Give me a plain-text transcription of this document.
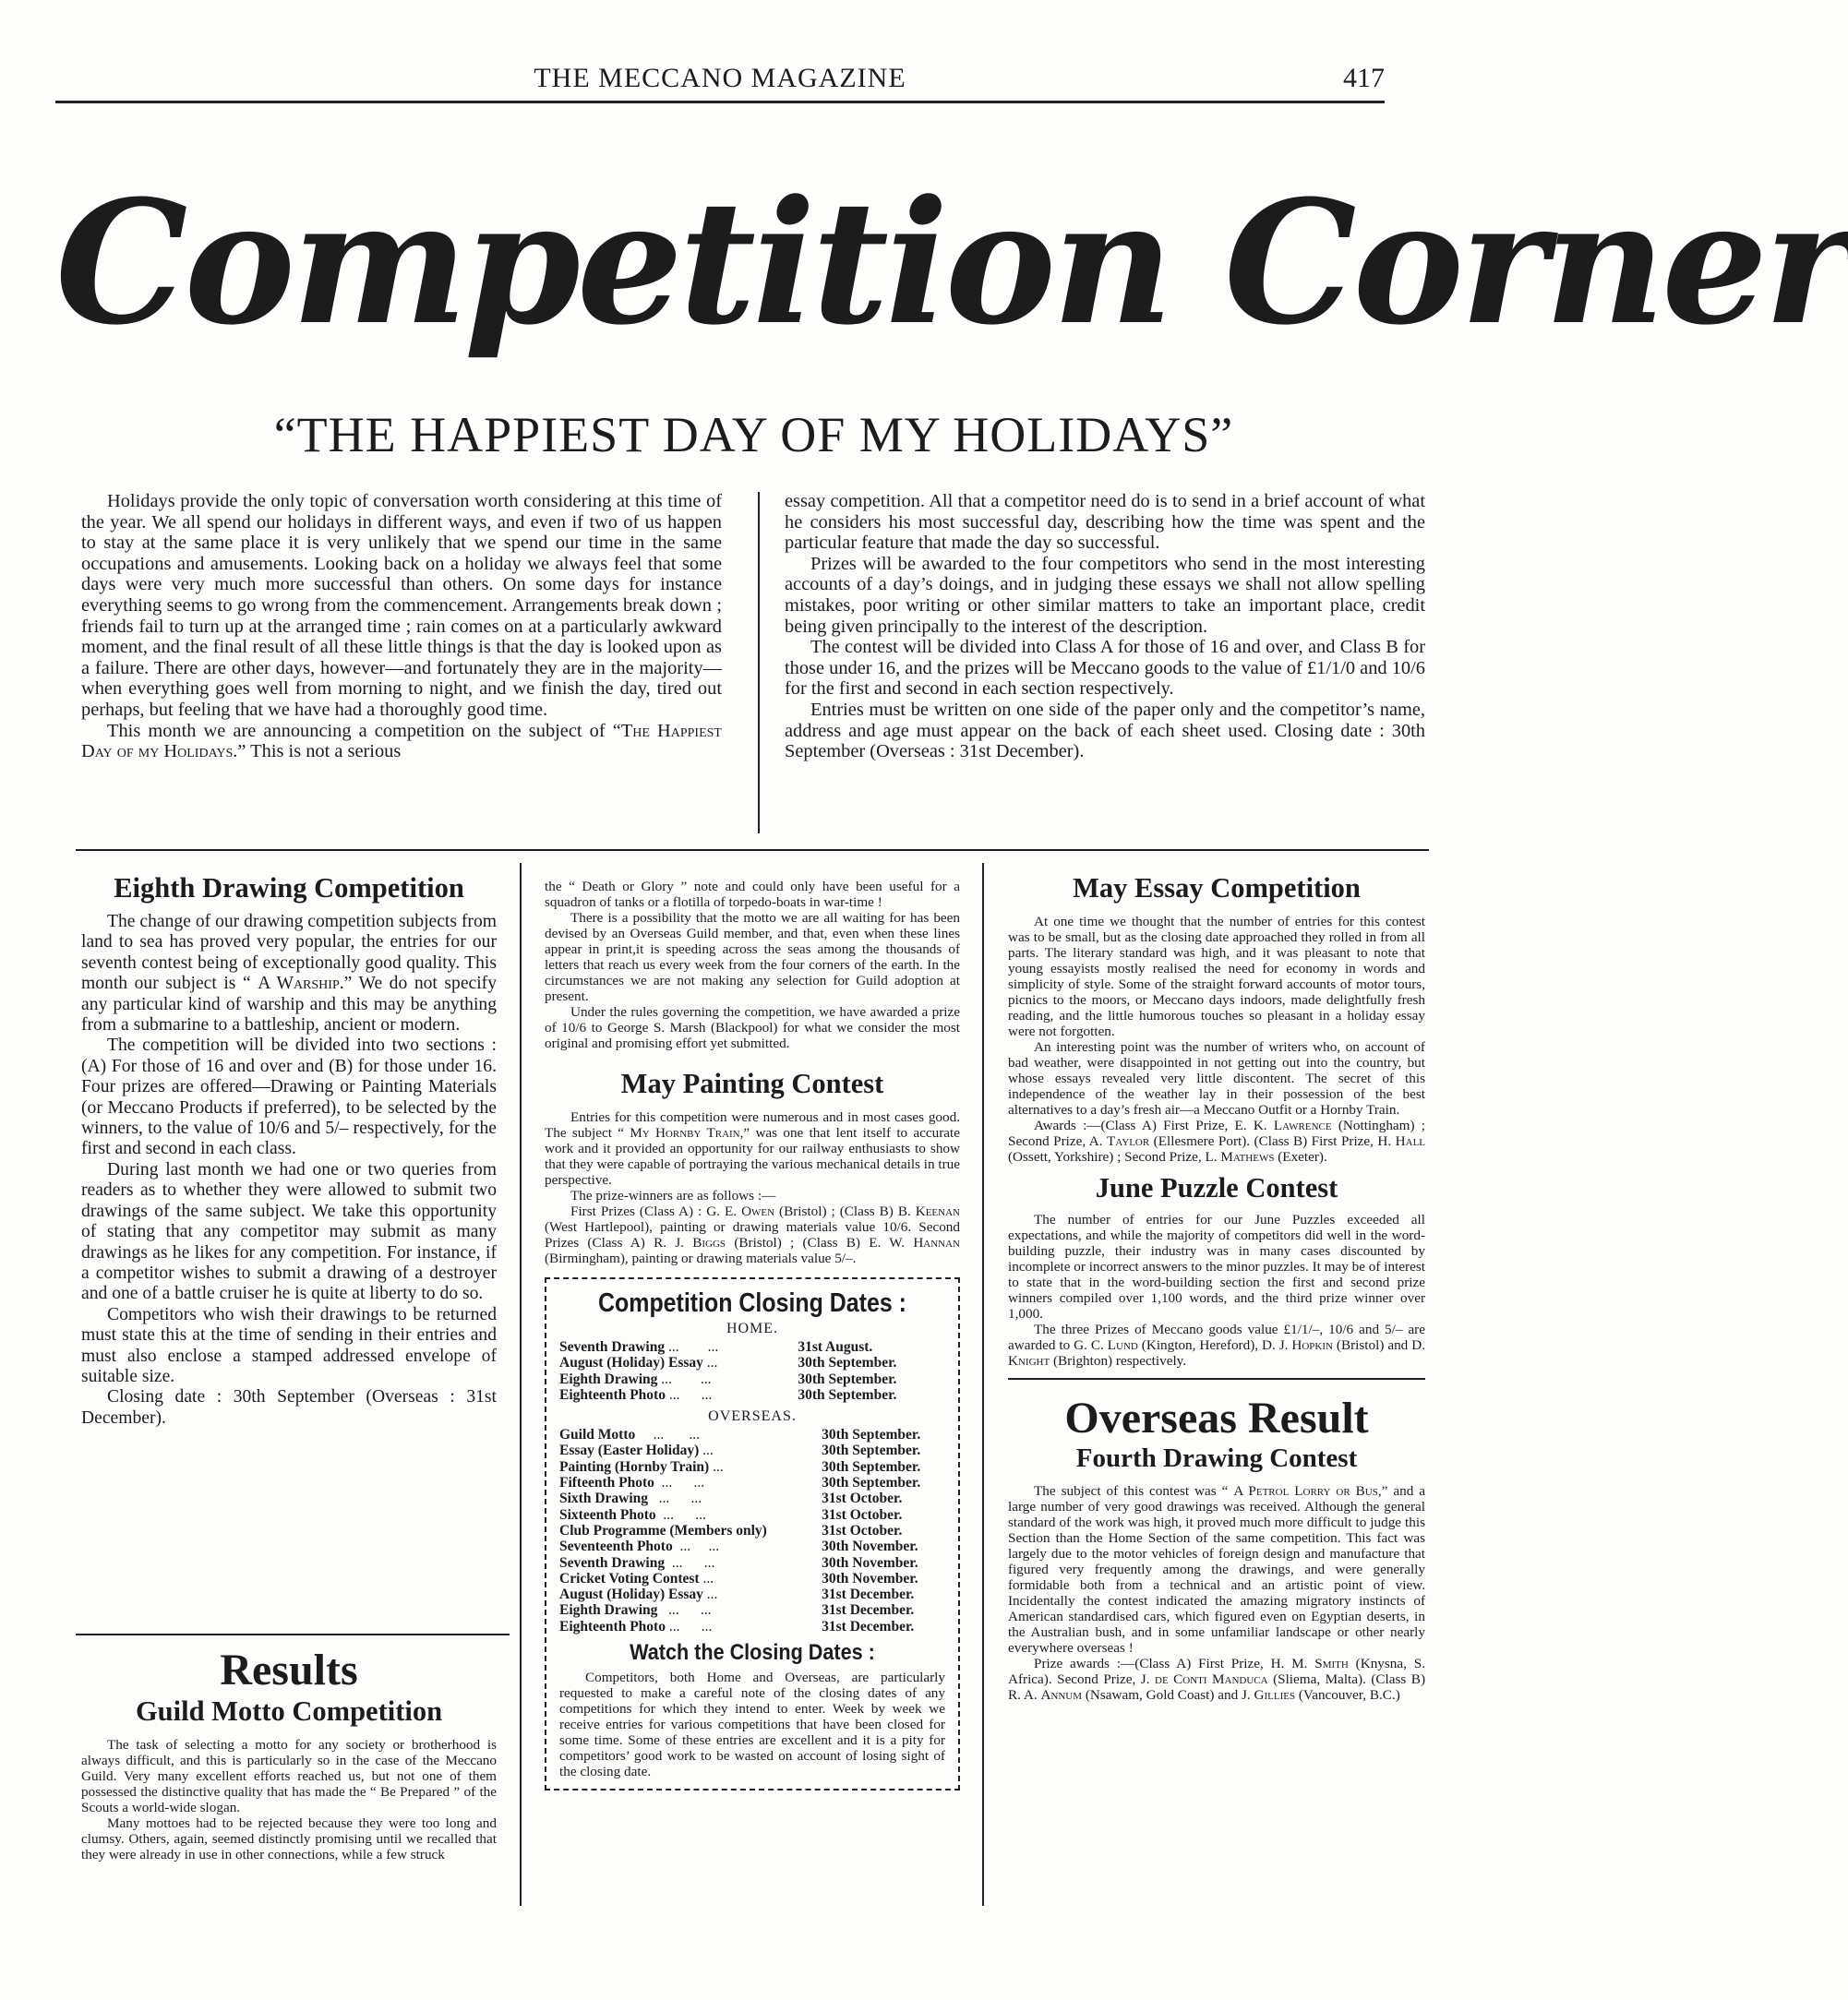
THE MECCANO MAGAZINE	417
Competition Corner
“THE HAPPIEST DAY OF MY HOLIDAYS”

Holidays provide the only topic of conversation worth considering at this time of the year. We all spend our holidays in different ways, and even if two of us happen to stay at the same place it is very unlikely that we spend our time in the same occupations and amusements. Looking back on a holiday we always feel that some days were very much more successful than others. On some days for instance everything seems to go wrong from the commencement. Arrangements break down ; friends fail to turn up at the arranged time ; rain comes on at a particularly awkward moment, and the final result of all these little things is that the day is looked upon as a failure. There are other days, however—and fortunately they are in the majority—when everything goes well from morning to night, and we finish the day, tired out perhaps, but feeling that we have had a thoroughly good time.

This month we are announcing a competition on the subject of “The Happiest Day of my Holidays.” This is not a serious

essay competition. All that a competitor need do is to send in a brief account of what he considers his most successful day, describing how the time was spent and the particular feature that made the day so successful.

Prizes will be awarded to the four competitors who send in the most interesting accounts of a day’s doings, and in judging these essays we shall not allow spelling mistakes, poor writing or other similar matters to take an important place, credit being given principally to the interest of the description.

The contest will be divided into Class A for those of 16 and over, and Class B for those under 16, and the prizes will be Meccano goods to the value of £1/1/0 and 10/6 for the first and second in each section respectively.

Entries must be written on one side of the paper only and the competitor’s name, address and age must appear on the back of each sheet used. Closing date : 30th September (Overseas : 31st December).

Eighth Drawing Competition

The change of our drawing competition subjects from land to sea has proved very popular, the entries for our seventh contest being of exceptionally good quality. This month our subject is “ A Warship.” We do not specify any particular kind of warship and this may be anything from a submarine to a battleship, ancient or modern.

The competition will be divided into two sections : (A) For those of 16 and over and (B) for those under 16. Four prizes are offered—Drawing or Painting Materials (or Meccano Products if preferred), to be selected by the winners, to the value of 10/6 and 5/– respectively, for the first and second in each class.

During last month we had one or two queries from readers as to whether they were allowed to submit two drawings of the same subject. We take this opportunity of stating that any competitor may submit as many drawings as he likes for any competition. For instance, if a competitor wishes to submit a drawing of a destroyer and one of a battle cruiser he is quite at liberty to do so.

Competitors who wish their drawings to be returned must state this at the time of sending in their entries and must also enclose a stamped addressed envelope of suitable size.

Closing date : 30th September (Overseas : 31st December).

Results
Guild Motto Competition

The task of selecting a motto for any society or brotherhood is always difficult, and this is particularly so in the case of the Meccano Guild. Very many excellent efforts reached us, but not one of them possessed the distinctive quality that has made the “ Be Prepared ” of the Scouts a world-wide slogan.

Many mottoes had to be rejected because they were too long and clumsy. Others, again, seemed distinctly promising until we recalled that they were already in use in other connections, while a few struck

the “ Death or Glory ” note and could only have been useful for a squadron of tanks or a flotilla of torpedo-boats in war-time !

There is a possibility that the motto we are all waiting for has been devised by an Overseas Guild member, and that, even when these lines appear in print,it is speeding across the seas among the thousands of letters that reach us every week from the four corners of the earth. In the circumstances we are not making any selection for Guild adoption at present.

Under the rules governing the competition, we have awarded a prize of 10/6 to George S. Marsh (Blackpool) for what we consider the most original and promising effort yet submitted.

May Painting Contest

Entries for this competition were numerous and in most cases good. The subject “ My Hornby Train,” was one that lent itself to accurate work and it provided an opportunity for our railway enthusiasts to show that they were capable of portraying the various mechanical details in true perspective.

The prize-winners are as follows :—

First Prizes (Class A) : G. E. Owen (Bristol) ; (Class B) B. Keenan (West Hartlepool), painting or drawing materials value 10/6. Second Prizes (Class A) R. J. Biggs (Bristol) ; (Class B) E. W. Hannan (Birmingham), painting or drawing materials value 5/–.

Competition Closing Dates :
HOME.
Seventh Drawing ...        ...	31st August.
August (Holiday) Essay ...	30th September.
Eighth Drawing ...        ...	30th September.
Eighteenth Photo ...      ...	30th September.
OVERSEAS.
Guild Motto     ...       ...	30th September.
Essay (Easter Holiday) ...	30th September.
Painting (Hornby Train) ...	30th September.
Fifteenth Photo  ...      ...	30th September.
Sixth Drawing   ...      ...	31st October.
Sixteenth Photo  ...      ...	31st October.
Club Programme (Members only)	31st October.
Seventeenth Photo  ...     ...	30th November.
Seventh Drawing  ...      ...	30th November.
Cricket Voting Contest ...	30th November.
August (Holiday) Essay ...	31st December.
Eighth Drawing   ...      ...	31st December.
Eighteenth Photo ...      ...	31st December.
Watch the Closing Dates :

Competitors, both Home and Overseas, are particularly requested to make a careful note of the closing dates of any competitions for which they intend to enter. Week by week we receive entries for various competitions that have been closed for some time. Some of these entries are excellent and it is a pity for competitors’ good work to be wasted on account of losing sight of the closing date.

May Essay Competition

At one time we thought that the number of entries for this contest was to be small, but as the closing date approached they rolled in from all parts. The literary standard was high, and it was pleasant to note that young essayists mostly realised the need for economy in words and simplicity of style. Some of the straight forward accounts of motor tours, picnics to the moors, or Meccano days indoors, made delightfully fresh reading, and the little humorous touches so pleasant in a holiday essay were not forgotten.

An interesting point was the number of writers who, on account of bad weather, were disappointed in not getting out into the country, but whose essays revealed very little discontent. The secret of this independence of the weather lay in their possession of the best alternatives to a day’s fresh air—a Meccano Outfit or a Hornby Train.

Awards :—(Class A) First Prize, E. K. Lawrence (Nottingham) ; Second Prize, A. Taylor (Ellesmere Port). (Class B) First Prize, H. Hall (Ossett, Yorkshire) ; Second Prize, L. Mathews (Exeter).

June Puzzle Contest

The number of entries for our June Puzzles exceeded all expectations, and while the majority of competitors did well in the word-building puzzle, their industry was in many cases discounted by incomplete or incorrect answers to the minor puzzles. It may be of interest to state that in the word-building section the first and second prize winners compiled over 1,100 words, and the third prize winner over 1,000.

The three Prizes of Meccano goods value £1/1/–, 10/6 and 5/– are awarded to G. C. Lund (Kington, Hereford), D. J. Hopkin (Bristol) and D. Knight (Brighton) respectively.

Overseas Result
Fourth Drawing Contest

The subject of this contest was “ A Petrol Lorry or Bus,” and a large number of very good drawings was received. Although the general standard of the work was high, it proved much more difficult to judge this Section than the Home Section of the same competition. This fact was largely due to the motor vehicles of foreign design and manufacture that figured very frequently among the drawings, and were generally formidable both from a technical and an artistic point of view. Incidentally the contest indicated the amazing migratory instincts of American standardised cars, which figured even on Egyptian deserts, in the Australian bush, and in some unfamiliar landscape or other nearly everywhere overseas !

Prize awards :—(Class A) First Prize, H. M. Smith (Knysna, S. Africa). Second Prize, J. de Conti Manduca (Sliema, Malta). (Class B) R. A. Annum (Nsawam, Gold Coast) and J. Gillies (Vancouver, B.C.)
